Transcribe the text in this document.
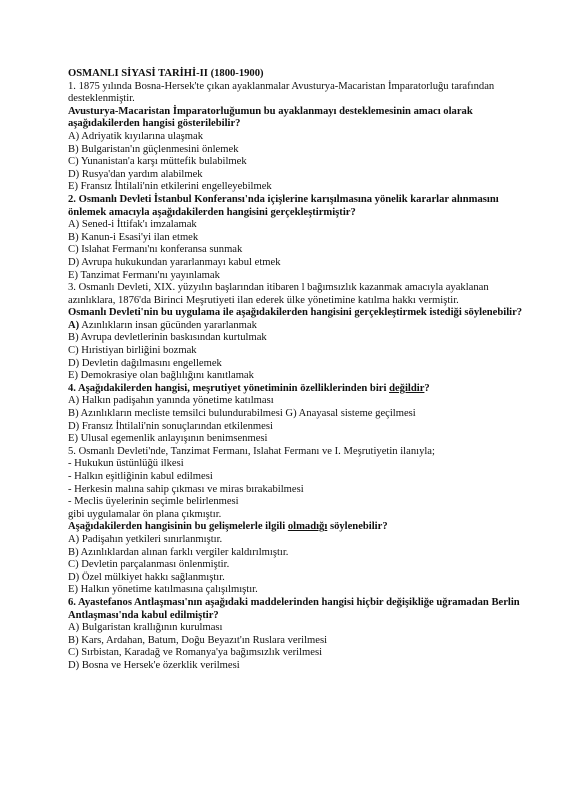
OSMANLI SİYASİ TARİHİ-II (1800-1900)
1. 1875 yılında Bosna-Hersek'te çıkan ayaklanmalar Avusturya-Macaristan İmparatorluğu tarafından desteklenmiştir.
Avusturya-Macaristan İmparatorluğumun bu ayaklanmayı desteklemesinin amacı olarak aşağıdakilerden hangisi gösterilebilir?
A) Adriyatik kıyılarına ulaşmak
B) Bulgaristan'ın güçlenmesini önlemek
C) Yunanistan'a karşı müttefik bulabilmek
D) Rusya'dan yardım alabilmek
E) Fransız İhtilali'nin etkilerini engelleyebilmek
2. Osmanlı Devleti İstanbul Konferansı'nda içişlerine karışılmasına yönelik kararlar alınmasını önlemek amacıyla aşağıdakilerden hangisini gerçekleştirmiştir?
A) Sened-i İttifak'ı imzalamak
B) Kanun-i Esasi'yi ilan etmek
C) Islahat Fermanı'nı konferansa sunmak
D) Avrupa hukukundan yararlanmayı kabul etmek
E) Tanzimat Fermanı'nı yayınlamak
3. Osmanlı Devleti, XIX. yüzyılın başlarından itibaren l bağımsızlık kazanmak amacıyla ayaklanan azınlıklara, 1876'da Birinci Meşrutiyeti ilan ederek ülke yönetimine katılma hakkı vermiştir.
Osmanlı Devleti'nin bu uygulama ile aşağıdakilerden hangisini gerçekleştirmek istediği söylenebilir?
A) Azınlıkların insan gücünden yararlanmak
B) Avrupa devletlerinin baskısından kurtulmak
C) Hıristiyan birliğini bozmak
D) Devletin dağılmasını engellemek
E) Demokrasiye olan bağlılığını kanıtlamak
4. Aşağıdakilerden hangisi, meşrutiyet yönetiminin özelliklerinden biri değildir?
A) Halkın padişahın yanında yönetime katılması
B) Azınlıkların mecliste temsilci bulundurabilmesi G) Anayasal sisteme geçilmesi
D) Fransız İhtilali'nin sonuçlarından etkilenmesi
E) Ulusal egemenlik anlayışının benimsenmesi
5. Osmanlı Devleti'nde, Tanzimat Fermanı, Islahat Fermanı ve I. Meşrutiyetin ilanıyla;
- Hukukun üstünlüğü ilkesi
- Halkın eşitliğinin kabul edilmesi
- Herkesin malına sahip çıkması ve miras bırakabilmesi
- Meclis üyelerinin seçimle belirlenmesi
gibi uygulamalar ön plana çıkmıştır.
Aşağıdakilerden hangisinin bu gelişmelerle ilgili olmadığı söylenebilir?
A) Padişahın yetkileri sınırlanmıştır.
B) Azınlıklardan alınan farklı vergiler kaldırılmıştır.
C) Devletin parçalanması önlenmiştir.
D) Özel mülkiyet hakkı sağlanmıştır.
E) Halkın yönetime katılmasına çalışılmıştır.
6. Ayastefanos Antlaşması'nın aşağıdaki maddelerinden hangisi hiçbir değişikliğe uğramadan Berlin Antlaşması'nda kabul edilmiştir?
A) Bulgaristan krallığının kurulması
B) Kars, Ardahan, Batum, Doğu Beyazıt'ın Ruslara verilmesi
C) Sırbistan, Karadağ ve Romanya'ya bağımsızlık verilmesi
D) Bosna ve Hersek'e özerklik verilmesi
